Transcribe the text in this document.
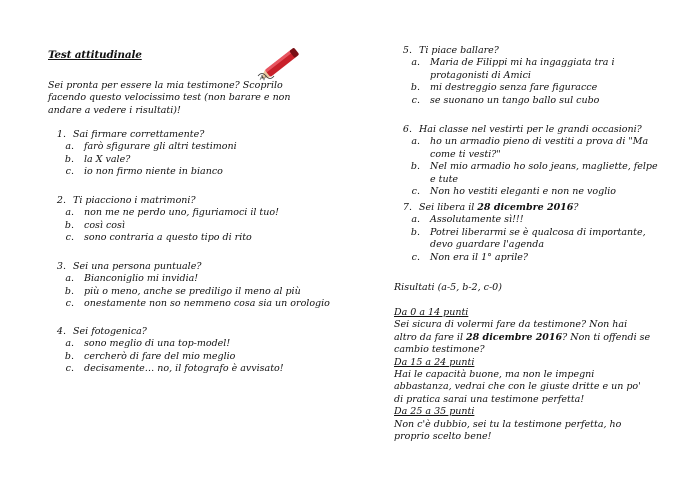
Test attitudinale
Sei pronta per essere la mia testimone? Scoprilo facendo questo velocissimo test (non barare e non andare a vedere i risultati)!
1. Sai firmare correttamente?
a.	farò sfigurare gli altri testimoni
b.	la X vale?
c.	io non firmo niente in bianco
2. Ti piacciono i matrimoni?
a.	non me ne perdo uno, figuriamoci il tuo!
b.	così così
c.	sono contraria a questo tipo di rito
3. Sei una persona puntuale?
a.	Bianconiglio mi invidia!
b.	più o meno, anche se prediligo il meno al più
c.	onestamente non so nemmeno cosa sia un orologio
4. Sei fotogenica?
a.	sono meglio di una top-model!
b.	cercherò di fare del mio meglio
c.	decisamente… no, il fotografo è avvisato!
5. Ti piace ballare?
a.	Maria de Filippi mi ha ingaggiata tra i protagonisti di Amici
b.	mi destreggio senza fare figuracce
c.	se suonano un tango ballo sul cubo
6. Hai classe nel vestirti per le grandi occasioni?
a.	ho un armadio pieno di vestiti a prova di "Ma come ti vesti?"
b.	Nel mio armadio ho solo jeans, magliette, felpe e tute
c.	Non ho vestiti eleganti e non ne voglio
7. Sei libera il 28 dicembre 2016?
a.	Assolutamente sì!!!
b.	Potrei liberarmi se è qualcosa di importante, devo guardare l'agenda
c.	Non era il 1° aprile?
Risultati (a-5, b-2, c-0)
Da 0 a 14 punti
Sei sicura di volermi fare da testimone? Non hai altro da fare il 28 dicembre 2016? Non ti offendi se cambio testimone?
Da 15 a 24 punti
Hai le capacità buone, ma non le impegni abbastanza, vedrai che con le giuste dritte e un po' di pratica sarai una testimone perfetta!
Da 25 a 35 punti
Non c'è dubbio, sei tu la testimone perfetta, ho proprio scelto bene!
